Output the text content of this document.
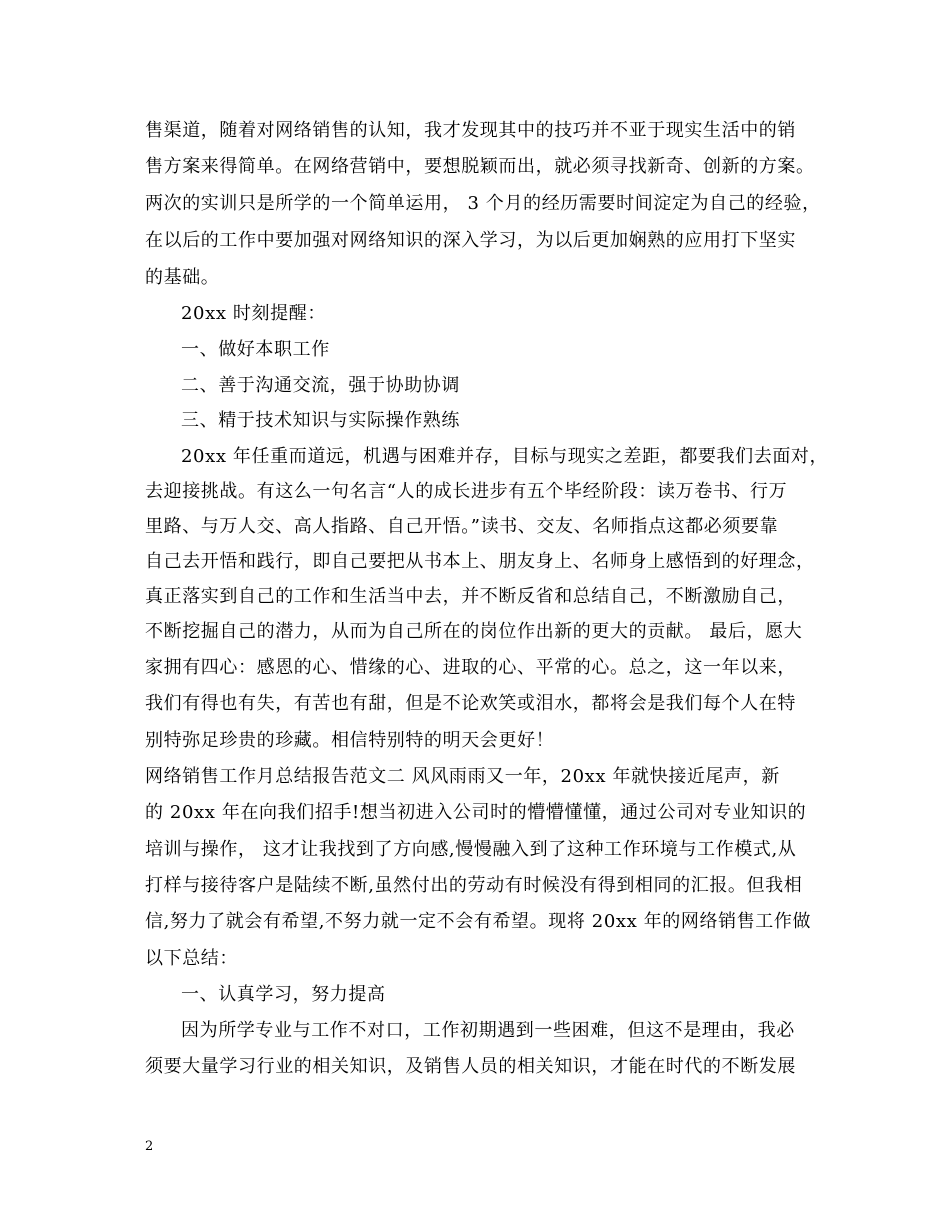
售渠道，随着对网络销售的认知，我才发现其中的技巧并不亚于现实生活中的销
售方案来得简单。在网络营销中，要想脱颖而出，就必须寻找新奇、创新的方案。
两次的实训只是所学的一个简单运用， 3 个月的经历需要时间淀定为自己的经验，
在以后的工作中要加强对网络知识的深入学习，为以后更加娴熟的应用打下坚实
的基础。
20xx 时刻提醒：
一、做好本职工作
二、善于沟通交流，强于协助协调
三、精于技术知识与实际操作熟练
20xx 年任重而道远，机遇与困难并存，目标与现实之差距，都要我们去面对，
去迎接挑战。有这么一句名言“人的成长进步有五个毕经阶段：读万卷书、行万
里路、与万人交、高人指路、自己开悟。”读书、交友、名师指点这都必须要靠
自己去开悟和践行，即自己要把从书本上、朋友身上、名师身上感悟到的好理念，
真正落实到自己的工作和生活当中去，并不断反省和总结自己，不断激励自己，
不断挖掘自己的潜力，从而为自己所在的岗位作出新的更大的贡献。 最后，愿大
家拥有四心：感恩的心、惜缘的心、进取的心、平常的心。总之，这一年以来，
我们有得也有失，有苦也有甜，但是不论欢笑或泪水，都将会是我们每个人在特
别特弥足珍贵的珍藏。相信特别特的明天会更好！
网络销售工作月总结报告范文二 风风雨雨又一年，20xx 年就快接近尾声，新
的 20xx 年在向我们招手!想当初进入公司时的懵懵懂懂，通过公司对专业知识的
培训与操作， 这才让我找到了方向感,慢慢融入到了这种工作环境与工作模式,从
打样与接待客户是陆续不断,虽然付出的劳动有时候没有得到相同的汇报。但我相
信,努力了就会有希望,不努力就一定不会有希望。现将 20xx 年的网络销售工作做
以下总结：
一、认真学习，努力提高
因为所学专业与工作不对口，工作初期遇到一些困难，但这不是理由，我必
须要大量学习行业的相关知识，及销售人员的相关知识，才能在时代的不断发展
2
